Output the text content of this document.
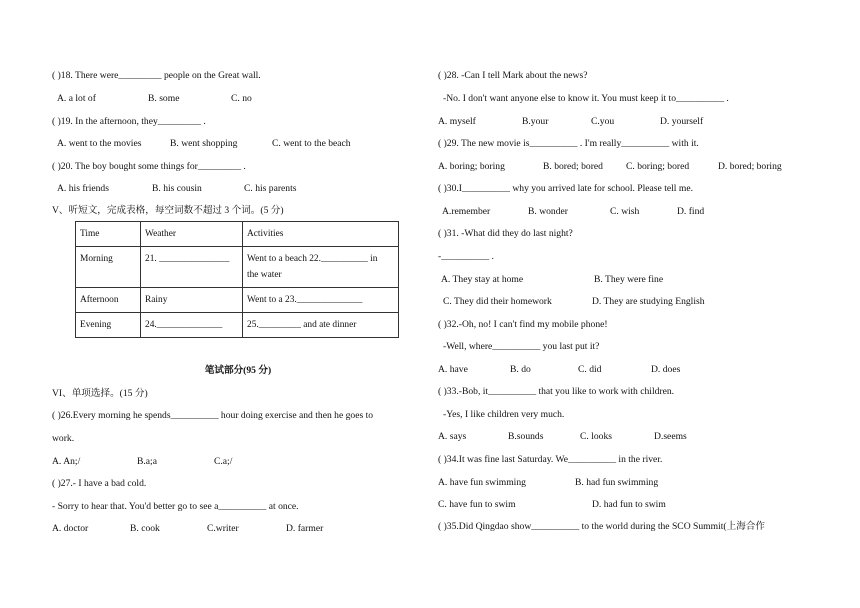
( )18. There were_________ people on the Great wall.
A. a lot of	B. some	C. no
( )19. In the afternoon, they_________ .
A. went to the movies	B. went shopping	C. went to the beach
( )20. The boy bought some things for_________ .
A. his friends	B. his cousin	C. his parents
V、听短文，完成表格，每空词数不超过 3 个词。(5 分)
Time	Weather	Activities
Morning	21. _______________	Went to a beach 22.__________ in
the water

Afternoon	Rainy	Went to a 23.______________
Evening	24.______________	25._________ and ate dinner
笔试部分(95 分)
VI、单项选择。(15 分)
( )26.Every morning he spends__________ hour doing exercise and then he goes to
work.
A. An;/	B.a;a	C.a;/
( )27.- I have a bad cold.
- Sorry to hear that. You'd better go to see a__________ at once.
A. doctor	B. cook	C.writer	D. farmer
( )28. -Can I tell Mark about the news?
-No. I don't want anyone else to know it. You must keep it to__________ .
A. myself	B.your	C.you	D. yourself
( )29. The new movie is__________ . I'm really__________ with it.
A. boring; boring	B. bored; bored C. boring; bored	D. bored; boring
( )30.I__________ why you arrived late for school. Please tell me.
A.remember	B. wonder	C. wish	D. find
( )31. -What did they do last night?
-__________ .
A. They stay at home	B. They were fine
C. They did their homework	D. They are studying English
( )32.-Oh, no! I can't find my mobile phone!
-Well, where__________ you last put it?
A. have	B. do	C. did	D. does
( )33.-Bob, it__________ that you like to work with children.
-Yes, I like children very much.
A. says	B.sounds	C. looks	D.seems
( )34.It was fine last Saturday. We__________ in the river.
A. have fun swimming	B. had fun swimming
C. have fun to swim	D. had fun to swim
( )35.Did Qingdao show__________ to the world during the SCO Summit(上海合作
